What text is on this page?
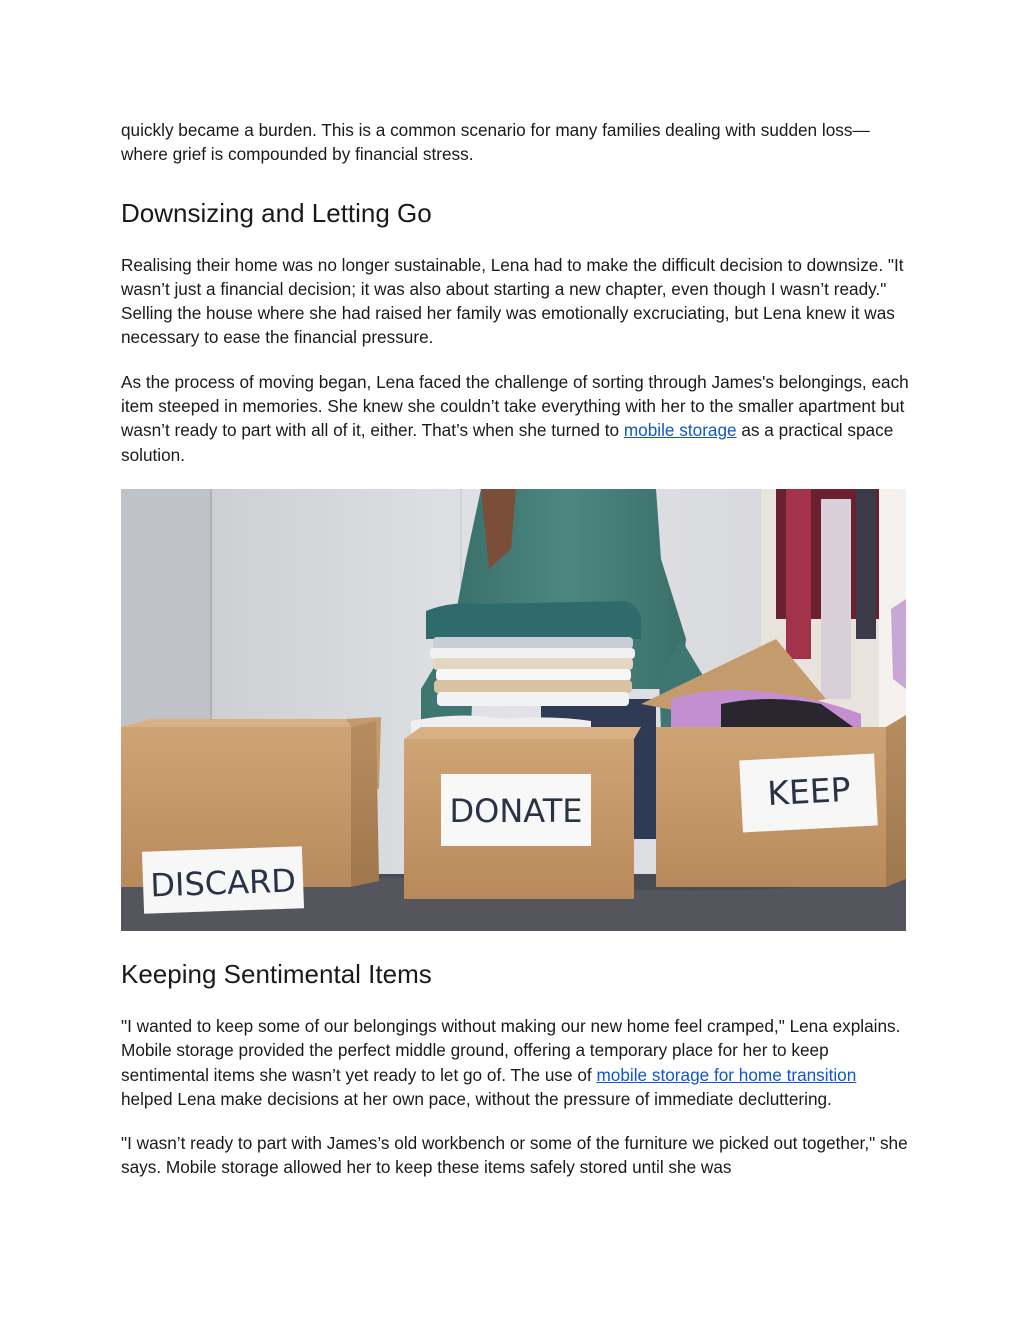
quickly became a burden. This is a common scenario for many families dealing with sudden loss—where grief is compounded by financial stress.

Downsizing and Letting Go

Realising their home was no longer sustainable, Lena had to make the difficult decision to downsize. "It wasn’t just a financial decision; it was also about starting a new chapter, even though I wasn’t ready." Selling the house where she had raised her family was emotionally excruciating, but Lena knew it was necessary to ease the financial pressure.

As the process of moving began, Lena faced the challenge of sorting through James's belongings, each item steeped in memories. She knew she couldn’t take everything with her to the smaller apartment but wasn’t ready to part with all of it, either. That’s when she turned to mobile storage as a practical space solution.

KEEP
DONATE
DISCARD
Keeping Sentimental Items

"I wanted to keep some of our belongings without making our new home feel cramped," Lena explains. Mobile storage provided the perfect middle ground, offering a temporary place for her to keep sentimental items she wasn’t yet ready to let go of. The use of mobile storage for home transition helped Lena make decisions at her own pace, without the pressure of immediate decluttering.

"I wasn’t ready to part with James’s old workbench or some of the furniture we picked out together," she says. Mobile storage allowed her to keep these items safely stored until she was
